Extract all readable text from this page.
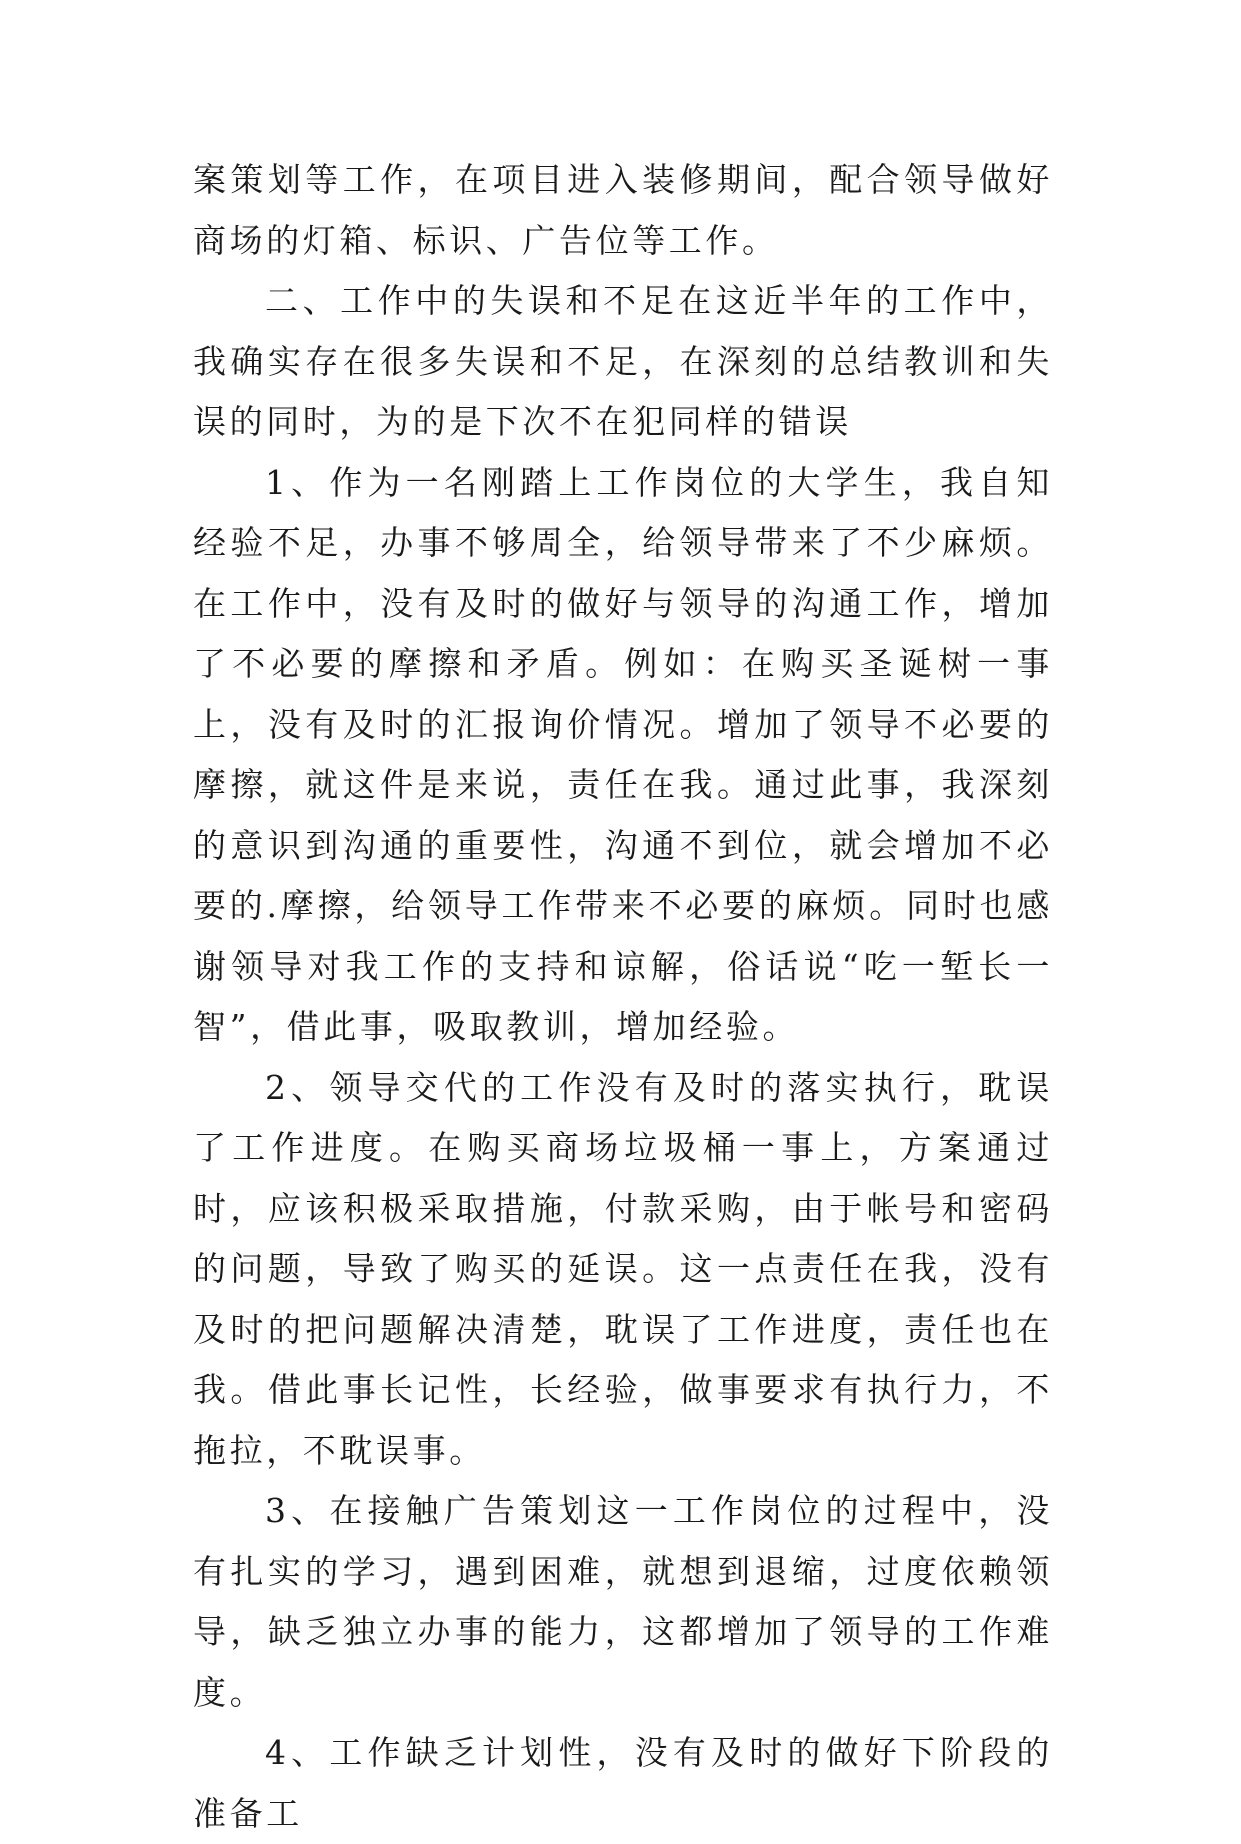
案策划等工作，在项目进入装修期间，配合领导做好商场的灯箱、标识、广告位等工作。

二、工作中的失误和不足在这近半年的工作中，我确实存在很多失误和不足，在深刻的总结教训和失误的同时，为的是下次不在犯同样的错误

1、作为一名刚踏上工作岗位的大学生，我自知经验不足，办事不够周全，给领导带来了不少麻烦。在工作中，没有及时的做好与领导的沟通工作，增加了不必要的摩擦和矛盾。例如：在购买圣诞树一事上，没有及时的汇报询价情况。增加了领导不必要的摩擦，就这件是来说，责任在我。通过此事，我深刻的意识到沟通的重要性，沟通不到位，就会增加不必要的.摩擦，给领导工作带来不必要的麻烦。同时也感谢领导对我工作的支持和谅解，俗话说“吃一堑长一智”，借此事，吸取教训，增加经验。

2、领导交代的工作没有及时的落实执行，耽误了工作进度。在购买商场垃圾桶一事上，方案通过时，应该积极采取措施，付款采购，由于帐号和密码的问题，导致了购买的延误。这一点责任在我，没有及时的把问题解决清楚，耽误了工作进度，责任也在我。借此事长记性，长经验，做事要求有执行力，不拖拉，不耽误事。

3、在接触广告策划这一工作岗位的过程中，没有扎实的学习，遇到困难，就想到退缩，过度依赖领导，缺乏独立办事的能力，这都增加了领导的工作难度。

4、工作缺乏计划性，没有及时的做好下阶段的准备工
